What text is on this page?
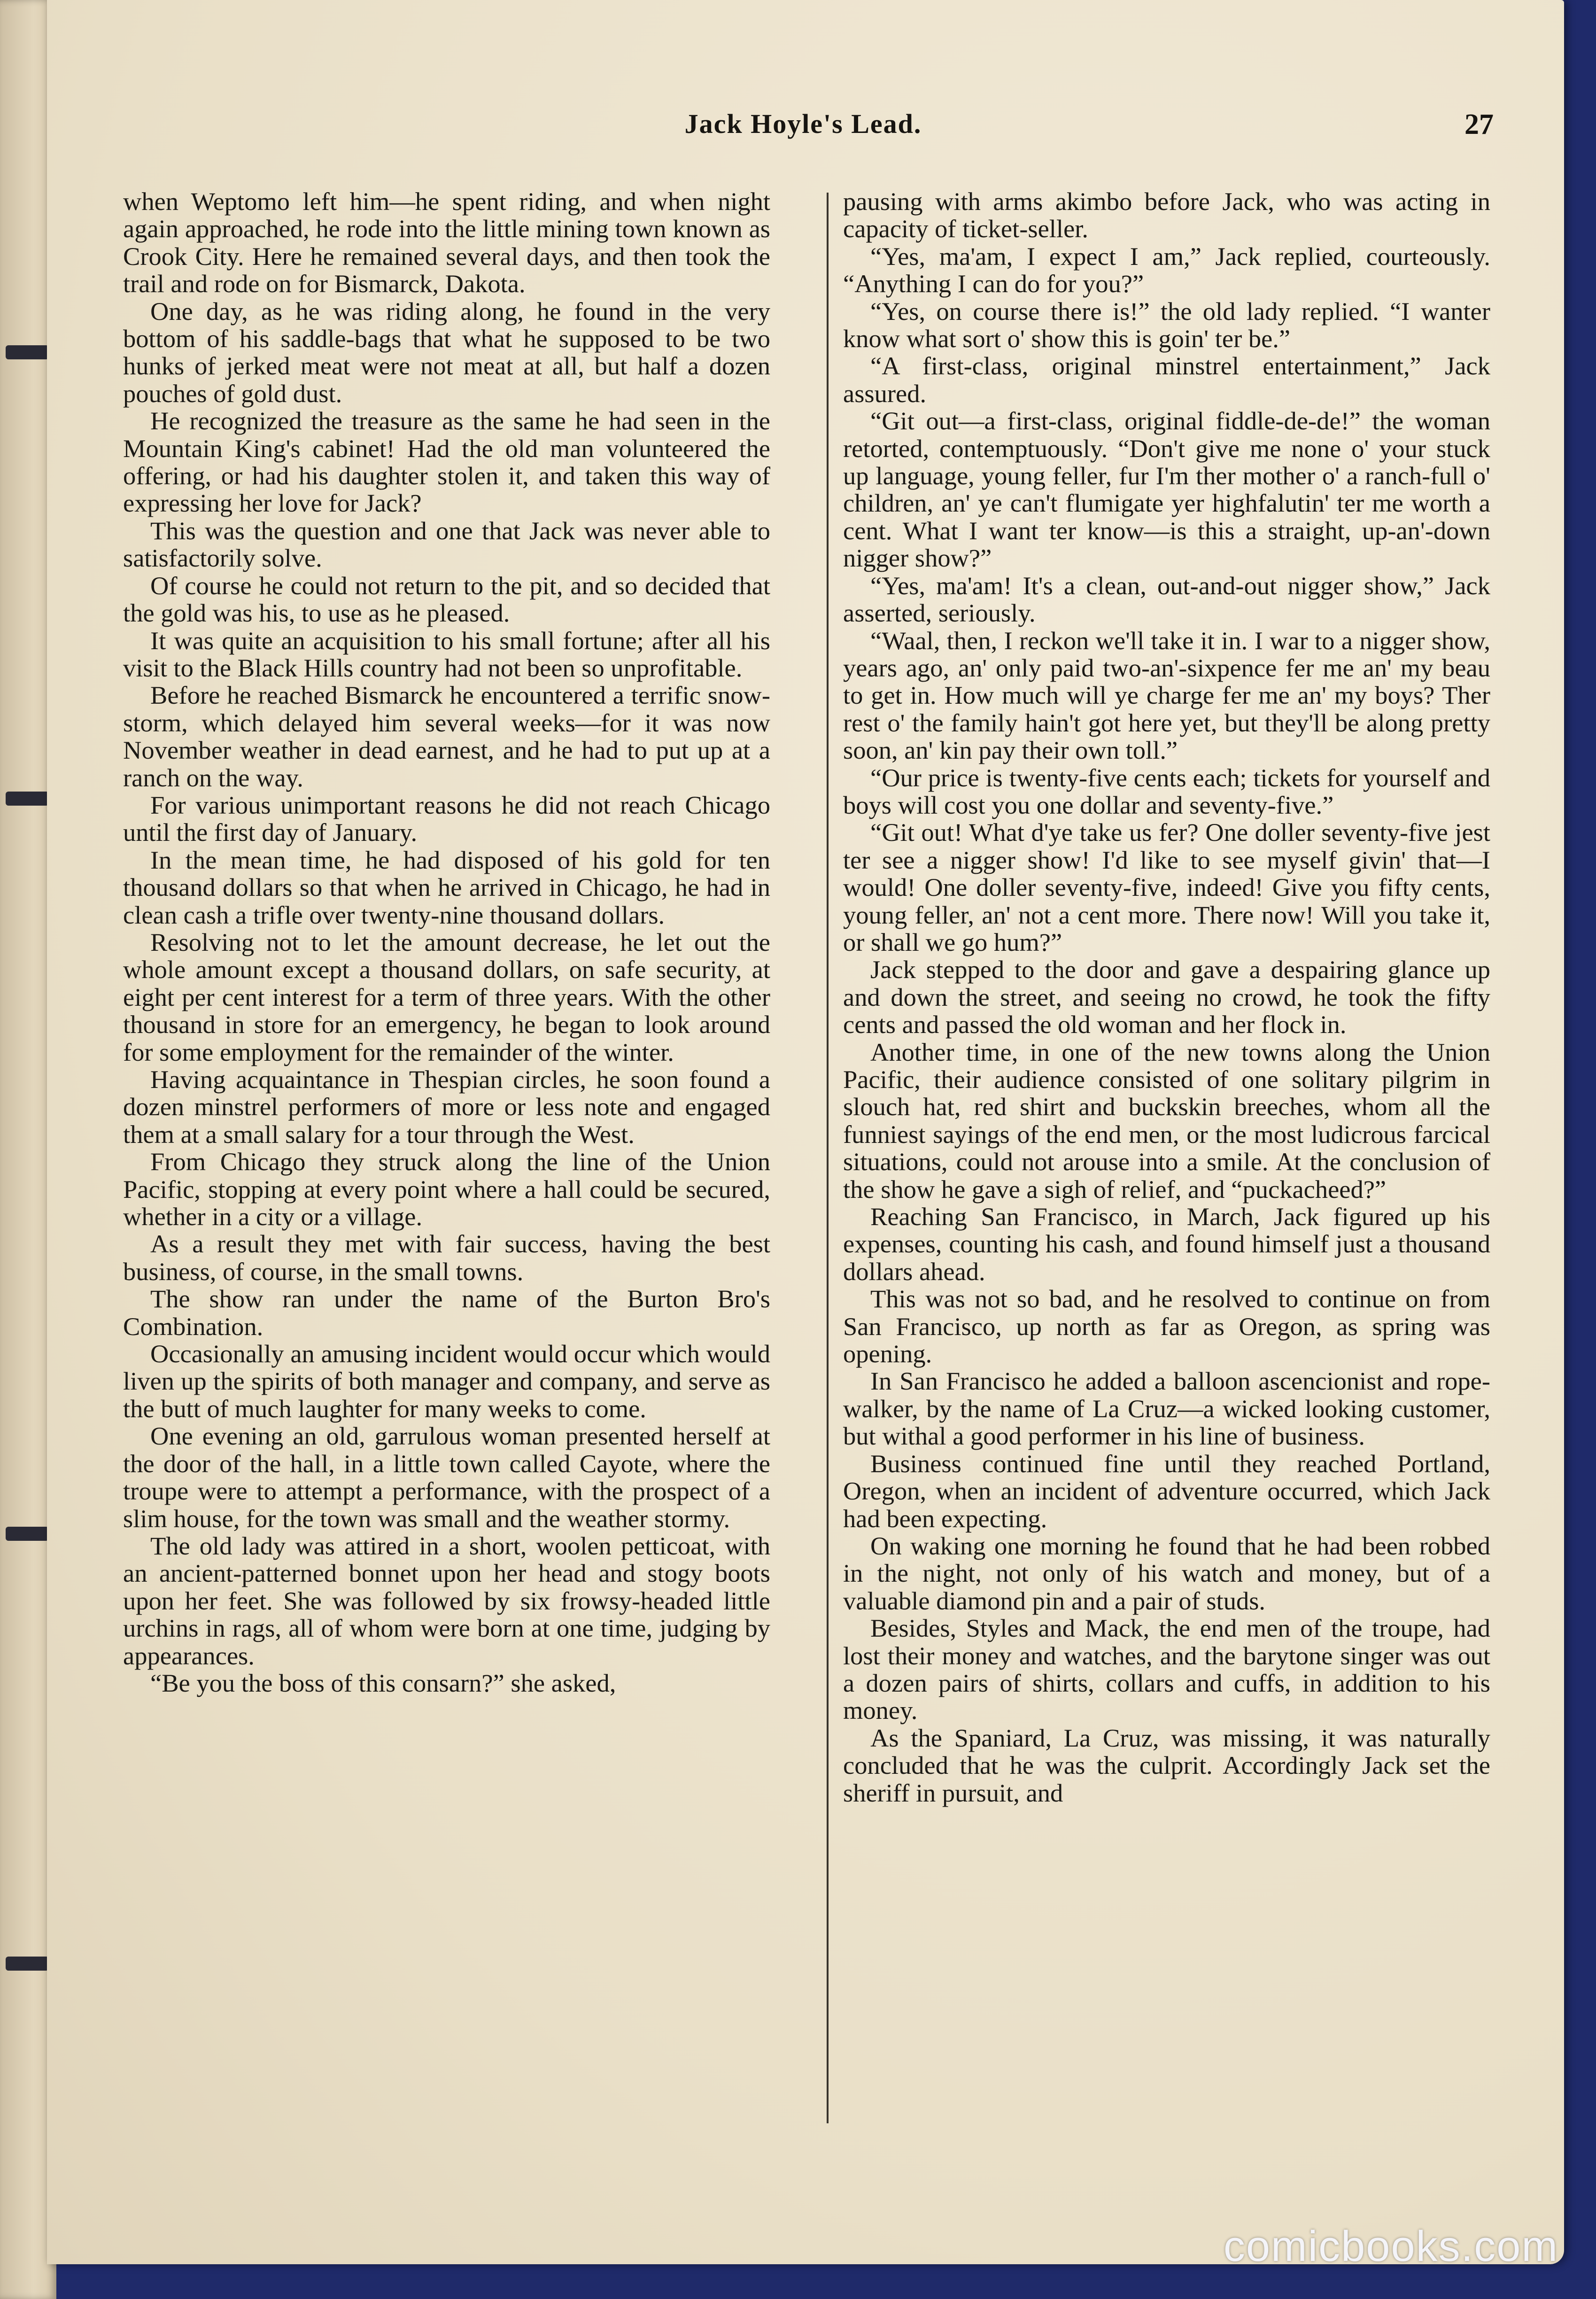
Jack Hoyle's Lead.	27

when Weptomo left him—he spent riding, and when night again approached, he rode into the little mining town known as Crook City. Here he remained several days, and then took the trail and rode on for Bismarck, Dakota.

One day, as he was riding along, he found in the very bottom of his saddle-bags that what he supposed to be two hunks of jerked meat were not meat at all, but half a dozen pouches of gold dust.

He recognized the treasure as the same he had seen in the Mountain King's cabinet! Had the old man volunteered the offering, or had his daughter stolen it, and taken this way of expressing her love for Jack?

This was the question and one that Jack was never able to satisfactorily solve.

Of course he could not return to the pit, and so decided that the gold was his, to use as he pleased.

It was quite an acquisition to his small fortune; after all his visit to the Black Hills country had not been so unprofitable.

Before he reached Bismarck he encountered a terrific snow-storm, which delayed him several weeks—for it was now November weather in dead earnest, and he had to put up at a ranch on the way.

For various unimportant reasons he did not reach Chicago until the first day of January.

In the mean time, he had disposed of his gold for ten thousand dollars so that when he arrived in Chicago, he had in clean cash a trifle over twenty-nine thousand dollars.

Resolving not to let the amount decrease, he let out the whole amount except a thousand dollars, on safe security, at eight per cent interest for a term of three years. With the other thousand in store for an emergency, he began to look around for some employment for the remainder of the winter.

Having acquaintance in Thespian circles, he soon found a dozen minstrel performers of more or less note and engaged them at a small salary for a tour through the West.

From Chicago they struck along the line of the Union Pacific, stopping at every point where a hall could be secured, whether in a city or a village.

As a result they met with fair success, having the best business, of course, in the small towns.

The show ran under the name of the Burton Bro's Combination.

Occasionally an amusing incident would occur which would liven up the spirits of both manager and company, and serve as the butt of much laughter for many weeks to come.

One evening an old, garrulous woman presented herself at the door of the hall, in a little town called Cayote, where the troupe were to attempt a performance, with the prospect of a slim house, for the town was small and the weather stormy.

The old lady was attired in a short, woolen petticoat, with an ancient-patterned bonnet upon her head and stogy boots upon her feet. She was followed by six frowsy-headed little urchins in rags, all of whom were born at one time, judging by appearances.

“Be you the boss of this consarn?” she asked,

pausing with arms akimbo before Jack, who was acting in capacity of ticket-seller.

“Yes, ma'am, I expect I am,” Jack replied, courteously. “Anything I can do for you?”

“Yes, on course there is!” the old lady replied. “I wanter know what sort o' show this is goin' ter be.”

“A first-class, original minstrel entertainment,” Jack assured.

“Git out—a first-class, original fiddle-de-de!” the woman retorted, contemptuously. “Don't give me none o' your stuck up language, young feller, fur I'm ther mother o' a ranch-full o' children, an' ye can't flumigate yer highfalutin' ter me worth a cent. What I want ter know—is this a straight, up-an'-down nigger show?”

“Yes, ma'am! It's a clean, out-and-out nigger show,” Jack asserted, seriously.

“Waal, then, I reckon we'll take it in. I war to a nigger show, years ago, an' only paid two-an'-sixpence fer me an' my beau to get in. How much will ye charge fer me an' my boys? Ther rest o' the family hain't got here yet, but they'll be along pretty soon, an' kin pay their own toll.”

“Our price is twenty-five cents each; tickets for yourself and boys will cost you one dollar and seventy-five.”

“Git out! What d'ye take us fer? One doller seventy-five jest ter see a nigger show! I'd like to see myself givin' that—I would! One doller seventy-five, indeed! Give you fifty cents, young feller, an' not a cent more. There now! Will you take it, or shall we go hum?”

Jack stepped to the door and gave a despairing glance up and down the street, and seeing no crowd, he took the fifty cents and passed the old woman and her flock in.

Another time, in one of the new towns along the Union Pacific, their audience consisted of one solitary pilgrim in slouch hat, red shirt and buckskin breeches, whom all the funniest sayings of the end men, or the most ludicrous farcical situations, could not arouse into a smile. At the conclusion of the show he gave a sigh of relief, and “puckacheed?”

Reaching San Francisco, in March, Jack figured up his expenses, counting his cash, and found himself just a thousand dollars ahead.

This was not so bad, and he resolved to continue on from San Francisco, up north as far as Oregon, as spring was opening.

In San Francisco he added a balloon ascencionist and rope-walker, by the name of La Cruz—a wicked looking customer, but withal a good performer in his line of business.

Business continued fine until they reached Portland, Oregon, when an incident of adventure occurred, which Jack had been expecting.

On waking one morning he found that he had been robbed in the night, not only of his watch and money, but of a valuable diamond pin and a pair of studs.

Besides, Styles and Mack, the end men of the troupe, had lost their money and watches, and the barytone singer was out a dozen pairs of shirts, collars and cuffs, in addition to his money.

As the Spaniard, La Cruz, was missing, it was naturally concluded that he was the culprit. Accordingly Jack set the sheriff in pursuit, and

comicbooks.com
